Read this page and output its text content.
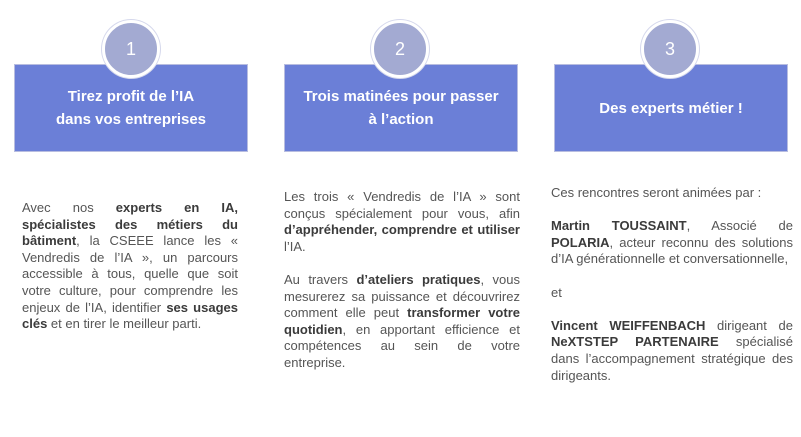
1
Tirez profit de l’IA
dans vos entreprises

Avec nos experts en IA, spécialistes des métiers du bâtiment, la CSEEE lance les « Vendredis de l’IA », un parcours accessible à tous, quelle que soit votre culture, pour comprendre les enjeux de l’IA, identifier ses usages clés et en tirer le meilleur parti.

2
Trois matinées pour passer
à l’action

Les trois « Vendredis de l’IA » sont conçus spécialement pour vous, afin d’appréhender, comprendre et utiliser l’IA.

Au travers d’ateliers pratiques, vous mesurerez sa puissance et découvrirez comment elle peut transformer votre quotidien, en apportant efficience et compétences au sein de votre entreprise.

3
Des experts métier !

Ces rencontres seront animées par :

Martin TOUSSAINT, Associé de POLARIA, acteur reconnu des solutions d’IA générationnelle et conversationnelle,

et

Vincent WEIFFENBACH dirigeant de NeXTSTEP PARTENAIRE spécialisé dans l’accompagnement stratégique des dirigeants.
